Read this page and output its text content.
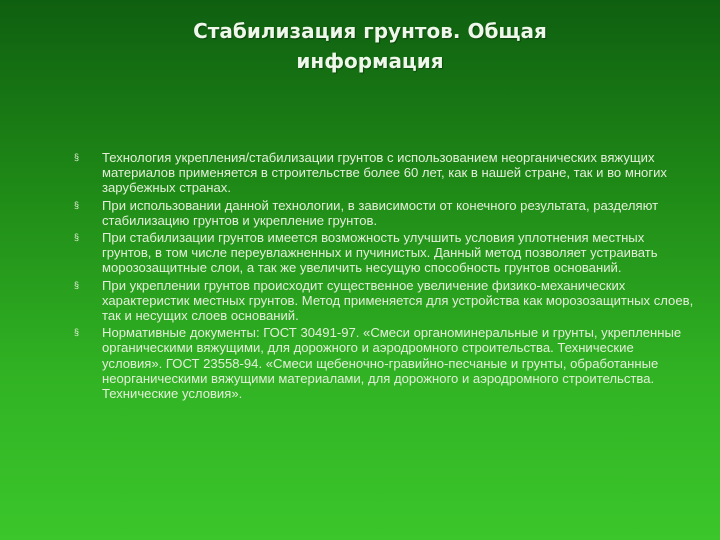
Стабилизация грунтов. Общая
информация
§ Технология укрепления/стабилизации грунтов с использованием неорганических вяжущих материалов применяется в строительстве более 60 лет, как в нашей стране, так и во многих зарубежных странах.
§ При использовании данной технологии, в зависимости от конечного результата, разделяют стабилизацию грунтов и укрепление грунтов.
§ При стабилизации грунтов имеется возможность улучшить условия уплотнения местных грунтов, в том числе переувлажненных и пучинистых. Данный метод позволяет устраивать морозозащитные слои, а так же увеличить несущую способность грунтов оснований.
§ При укреплении грунтов происходит существенное увеличение физико-механических характеристик местных грунтов. Метод применяется для устройства как морозозащитных слоев, так и несущих слоев оснований.
§ Нормативные документы: ГОСТ 30491-97. «Смеси органоминеральные и грунты, укрепленные органическими вяжущими, для дорожного и аэродромного строительства. Технические условия». ГОСТ 23558-94. «Смеси щебеночно-гравийно-песчаные и грунты, обработанные неорганическими вяжущими материалами, для дорожного и аэродромного строительства. Технические условия».
